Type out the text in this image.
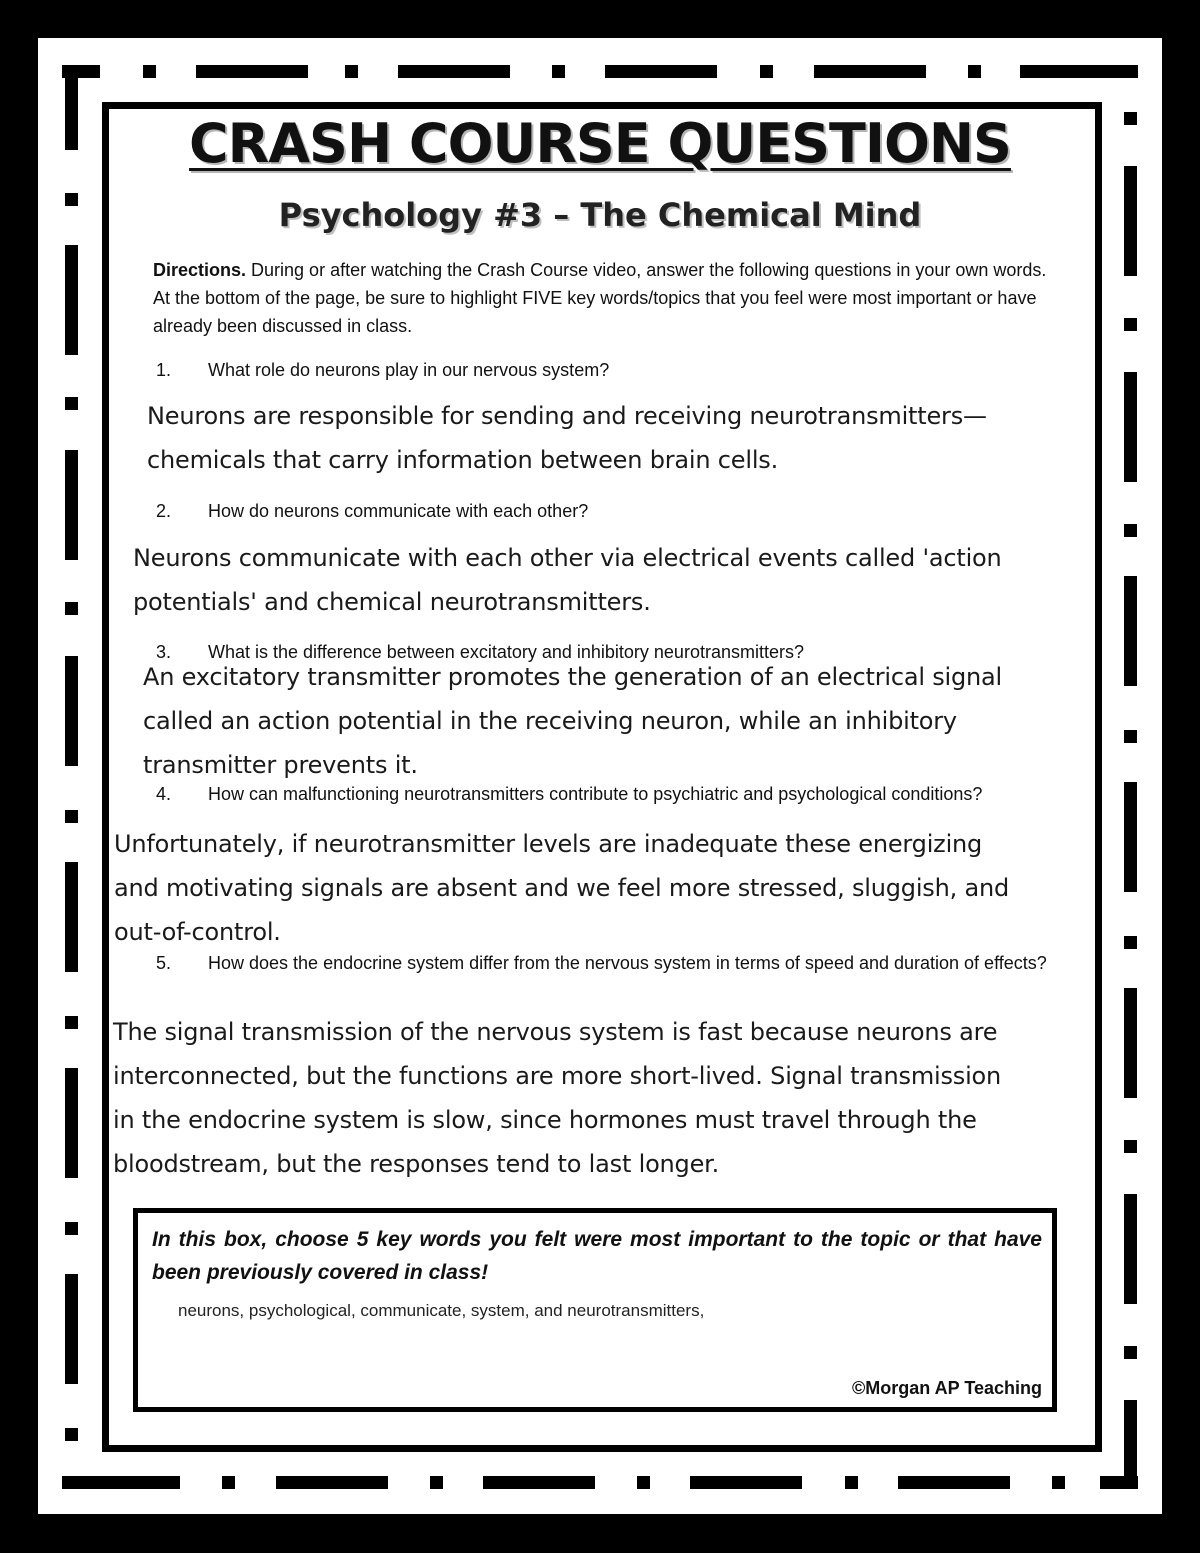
CRASH COURSE QUESTIONS
Psychology #3 – The Chemical Mind
Directions. During or after watching the Crash Course video, answer the following questions in your own words. At the bottom of the page, be sure to highlight FIVE key words/topics that you feel were most important or have already been discussed in class.
1. What role do neurons play in our nervous system?
Neurons are responsible for sending and receiving neurotransmitters—
chemicals that carry information between brain cells.
2. How do neurons communicate with each other?
Neurons communicate with each other via electrical events called 'action
potentials' and chemical neurotransmitters.
3. What is the difference between excitatory and inhibitory neurotransmitters?
An excitatory transmitter promotes the generation of an electrical signal
called an action potential in the receiving neuron, while an inhibitory
transmitter prevents it.
4. How can malfunctioning neurotransmitters contribute to psychiatric and psychological conditions?
Unfortunately, if neurotransmitter levels are inadequate these energizing
and motivating signals are absent and we feel more stressed, sluggish, and
out-of-control.
5. How does the endocrine system differ from the nervous system in terms of speed and duration of effects?
The signal transmission of the nervous system is fast because neurons are
interconnected, but the functions are more short-lived. Signal transmission
in the endocrine system is slow, since hormones must travel through the
bloodstream, but the responses tend to last longer.
In this box, choose 5 key words you felt were most important to the topic or that have been previously covered in class!
neurons, psychological, communicate, system, and neurotransmitters,
©Morgan AP Teaching
